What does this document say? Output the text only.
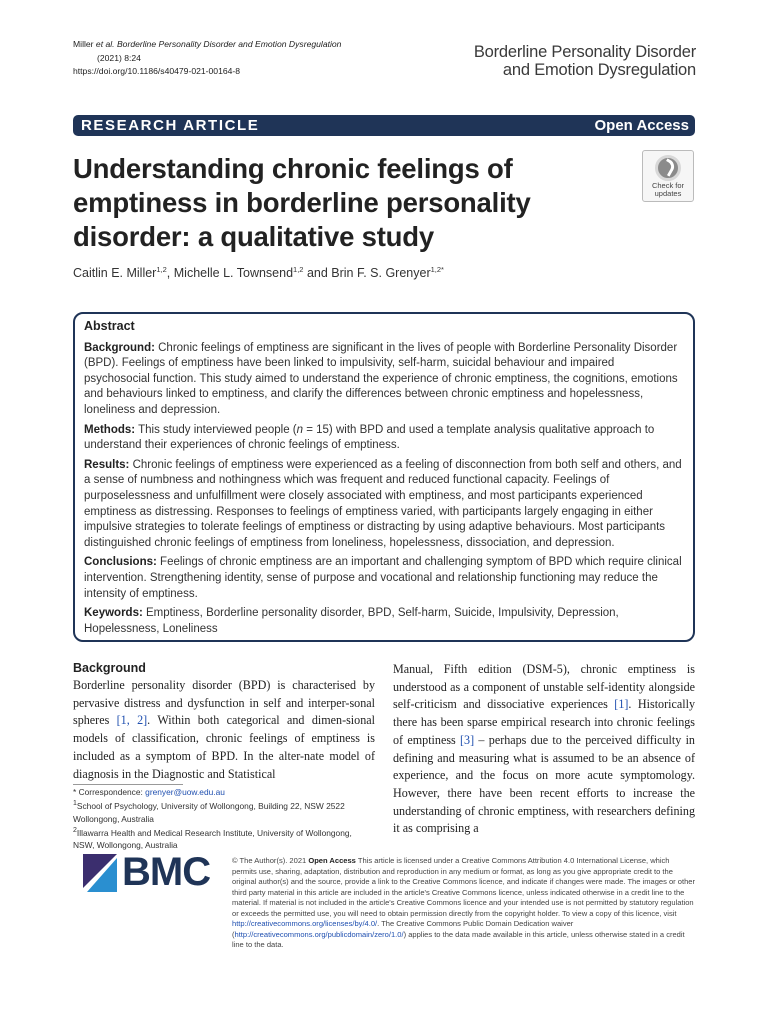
Miller et al. Borderline Personality Disorder and Emotion Dysregulation

(2021) 8:24
https://doi.org/10.1186/s40479-021-00164-8
Borderline Personality Disorder
and Emotion Dysregulation
RESEARCH ARTICLE	Open Access
Understanding chronic feelings of emptiness in borderline personality disorder: a qualitative study
Check for
updates
Caitlin E. Miller$^{1,2}$, Michelle L. Townsend$^{1,2}$ and Brin F. S. Grenyer$^{1,2*}$
Abstract

Background: Chronic feelings of emptiness are significant in the lives of people with Borderline Personality Disorder (BPD). Feelings of emptiness have been linked to impulsivity, self-harm, suicidal behaviour and impaired psychosocial function. This study aimed to understand the experience of chronic emptiness, the cognitions, emotions and behaviours linked to emptiness, and clarify the differences between chronic emptiness and hopelessness, loneliness and depression.

Methods: This study interviewed people (n = 15) with BPD and used a template analysis qualitative approach to understand their experiences of chronic feelings of emptiness.

Results: Chronic feelings of emptiness were experienced as a feeling of disconnection from both self and others, and a sense of numbness and nothingness which was frequent and reduced functional capacity. Feelings of purposelessness and unfulfillment were closely associated with emptiness, and most participants experienced emptiness as distressing. Responses to feelings of emptiness varied, with participants largely engaging in either impulsive strategies to tolerate feelings of emptiness or distracting by using adaptive behaviours. Most participants distinguished chronic feelings of emptiness from loneliness, hopelessness, dissociation, and depression.

Conclusions: Feelings of chronic emptiness are an important and challenging symptom of BPD which require clinical intervention. Strengthening identity, sense of purpose and vocational and relationship functioning may reduce the intensity of emptiness.

Keywords: Emptiness, Borderline personality disorder, BPD, Self-harm, Suicide, Impulsivity, Depression, Hopelessness, Loneliness

Background
Borderline personality disorder (BPD) is characterised by pervasive distress and dysfunction in self and interper-sonal spheres [1, 2]. Within both categorical and dimen-sional models of classification, chronic feelings of emptiness is included as a symptom of BPD. In the alter-nate model of diagnosis in the Diagnostic and Statistical
Manual, Fifth edition (DSM-5), chronic emptiness is understood as a component of unstable self-identity alongside self-criticism and dissociative experiences [1]. Historically there has been sparse empirical research into chronic feelings of emptiness [3] – perhaps due to the perceived difficulty in defining and measuring what is assumed to be an absence of experience, and the focus on more acute symptomology. However, there have been recent efforts to increase the understanding of chronic emptiness, with researchers defining it as comprising a
* Correspondence: grenyer@uow.edu.au
$^1$School of Psychology, University of Wollongong, Building 22, NSW 2522 Wollongong, Australia
$^2$Illawarra Health and Medical Research Institute, University of Wollongong, NSW, Wollongong, Australia
BMC	© The Author(s). 2021 Open Access This article is licensed under a Creative Commons Attribution 4.0 International License, which permits use, sharing, adaptation, distribution and reproduction in any medium or format, as long as you give appropriate credit to the original author(s) and the source, provide a link to the Creative Commons licence, and indicate if changes were made. The images or other third party material in this article are included in the article's Creative Commons licence, unless indicated otherwise in a credit line to the material. If material is not included in the article's Creative Commons licence and your intended use is not permitted by statutory regulation or exceeds the permitted use, you will need to obtain permission directly from the copyright holder. To view a copy of this licence, visit http://creativecommons.org/licenses/by/4.0/. The Creative Commons Public Domain Dedication waiver (http://creativecommons.org/publicdomain/zero/1.0/) applies to the data made available in this article, unless otherwise stated in a credit line to the data.
